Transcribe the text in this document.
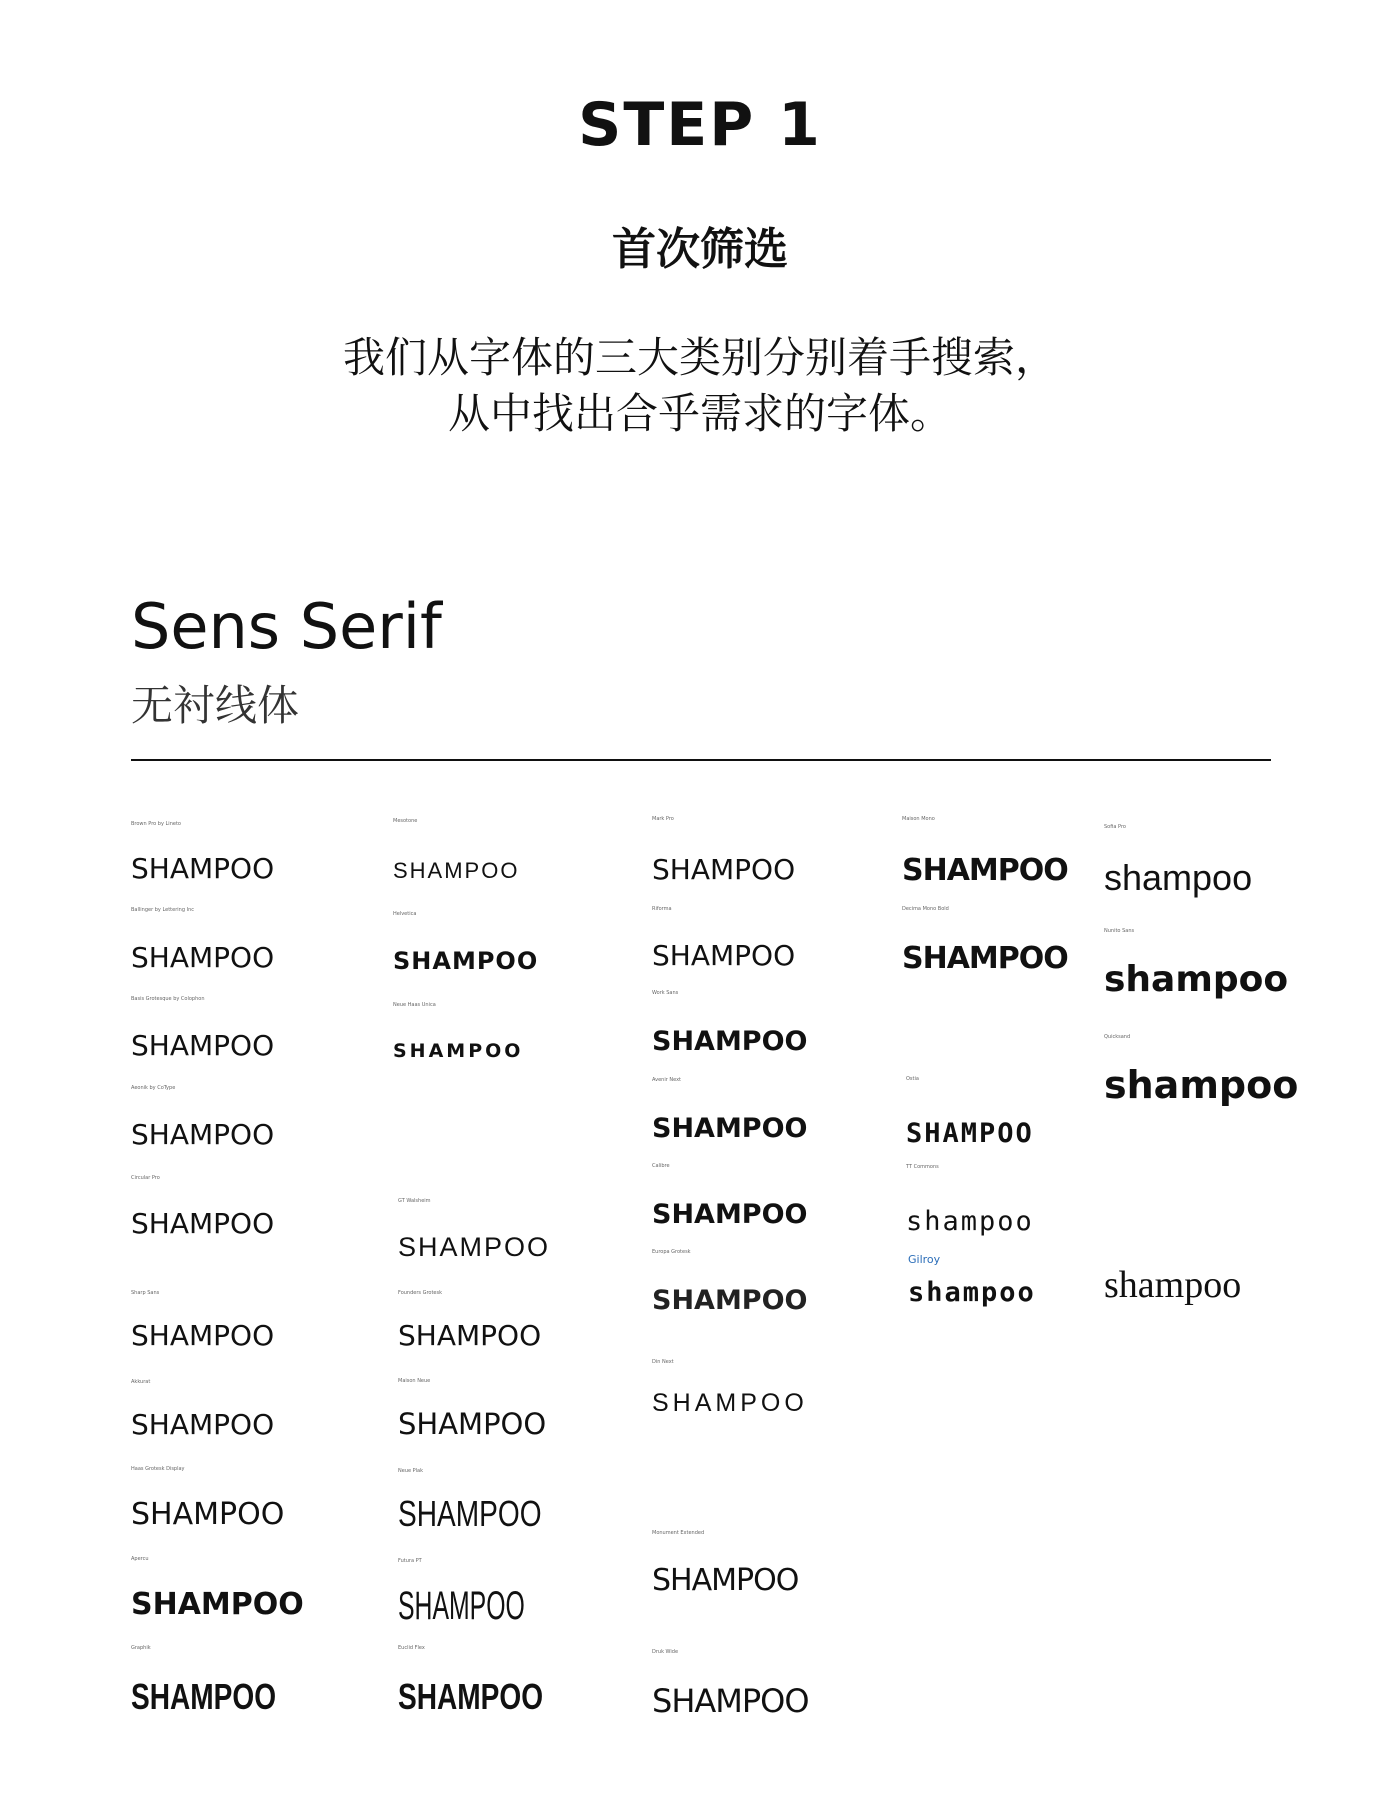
STEP 1
首次筛选
我们从字体的三大类别分别着手搜索，
从中找出合乎需求的字体。
Sens Serif
无衬线体
Brown Pro by Lineto
SHAMPOO
Ballinger by Lettering Inc
SHAMPOO
Basis Grotesque by Colophon
SHAMPOO
Aeonik by CoType
SHAMPOO
Circular Pro
SHAMPOO
Sharp Sans
SHAMPOO
Akkurat
SHAMPOO
Haas Grotesk Display
SHAMPOO
Apercu
SHAMPOO
Graphik
SHAMPOO
Mesotone
SHAMPOO
Helvetica
SHAMPOO
Neue Haas Unica
SHAMPOO
GT Walsheim
SHAMPOO
Founders Grotesk
SHAMPOO
Maison Neue
SHAMPOO
Neue Plak
SHAMPOO
Futura PT
SHAMPOO
Euclid Flex
SHAMPOO
Mark Pro
SHAMPOO
Riforma
SHAMPOO
Work Sans
SHAMPOO
Avenir Next
SHAMPOO
Calibre
SHAMPOO
Europa Grotesk
SHAMPOO
Din Next
SHAMPOO
Monument Extended
SHAMPOO
Druk Wide
SHAMPOO
Maison Mono
SHAMPOO
Decima Mono Bold
SHAMPOO
Ostia
SHAMPOO
TT Commons
shampoo
Gilroy
shampoo
Sofia Pro
shampoo
Nunito Sans
shampoo
Quicksand
shampoo
shampoo
